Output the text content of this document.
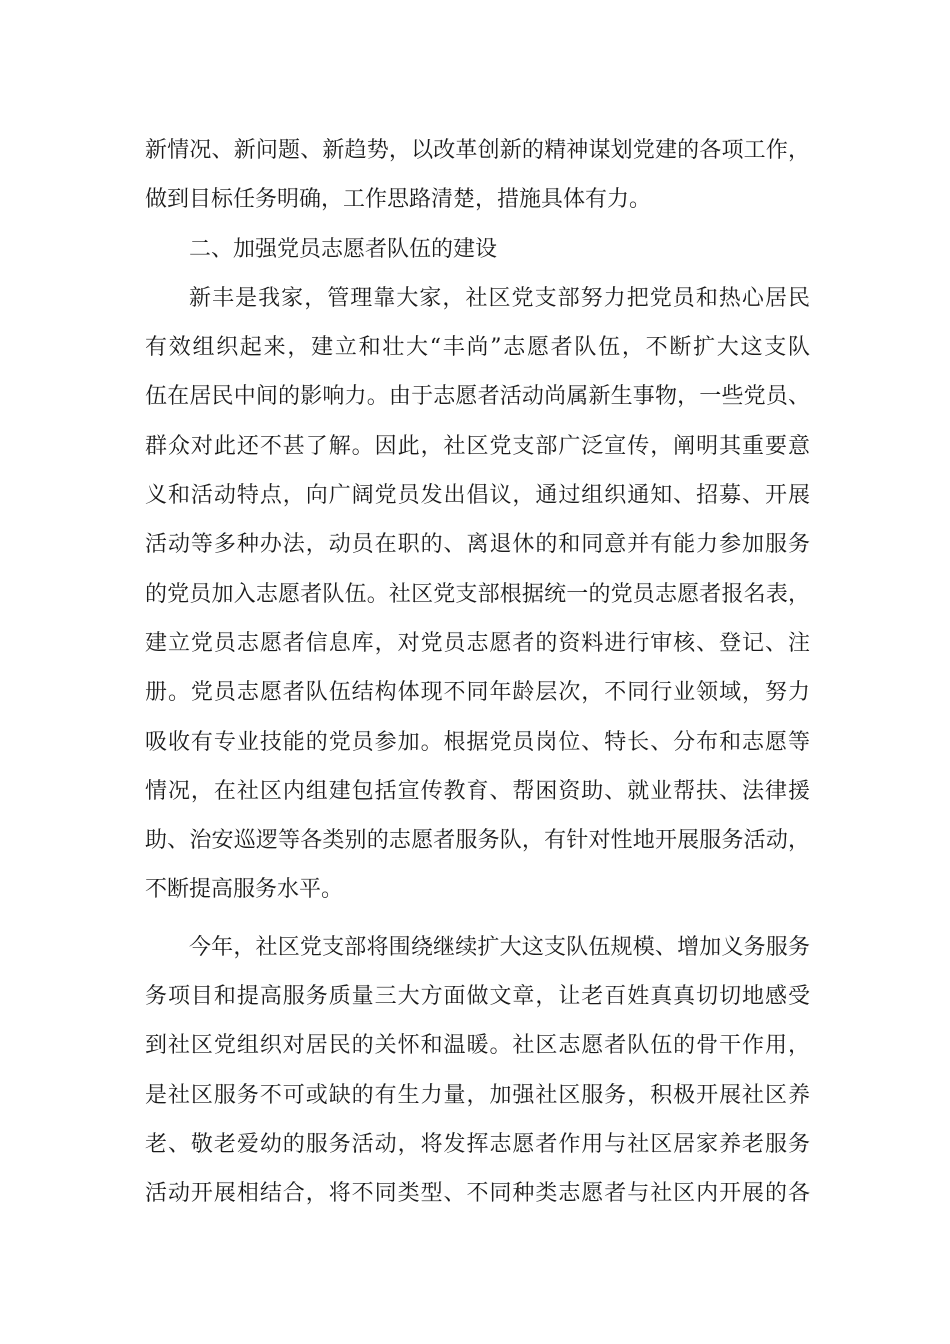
新情况、新问题、新趋势，以改革创新的精神谋划党建的各项工作，
做到目标任务明确，工作思路清楚，措施具体有力。
二、加强党员志愿者队伍的建设
新丰是我家，管理靠大家，社区党支部努力把党员和热心居民
有效组织起来，建立和壮大“丰尚”志愿者队伍，不断扩大这支队
伍在居民中间的影响力。由于志愿者活动尚属新生事物，一些党员、
群众对此还不甚了解。因此，社区党支部广泛宣传，阐明其重要意
义和活动特点，向广阔党员发出倡议，通过组织通知、招募、开展
活动等多种办法，动员在职的、离退休的和同意并有能力参加服务
的党员加入志愿者队伍。社区党支部根据统一的党员志愿者报名表，
建立党员志愿者信息库，对党员志愿者的资料进行审核、登记、注
册。党员志愿者队伍结构体现不同年龄层次，不同行业领域，努力
吸收有专业技能的党员参加。根据党员岗位、特长、分布和志愿等
情况，在社区内组建包括宣传教育、帮困资助、就业帮扶、法律援
助、治安巡逻等各类别的志愿者服务队，有针对性地开展服务活动，
不断提高服务水平。
今年，社区党支部将围绕继续扩大这支队伍规模、增加义务服务
务项目和提高服务质量三大方面做文章，让老百姓真真切切地感受
到社区党组织对居民的关怀和温暖。社区志愿者队伍的骨干作用，
是社区服务不可或缺的有生力量，加强社区服务，积极开展社区养
老、敬老爱幼的服务活动，将发挥志愿者作用与社区居家养老服务
活动开展相结合，将不同类型、不同种类志愿者与社区内开展的各
